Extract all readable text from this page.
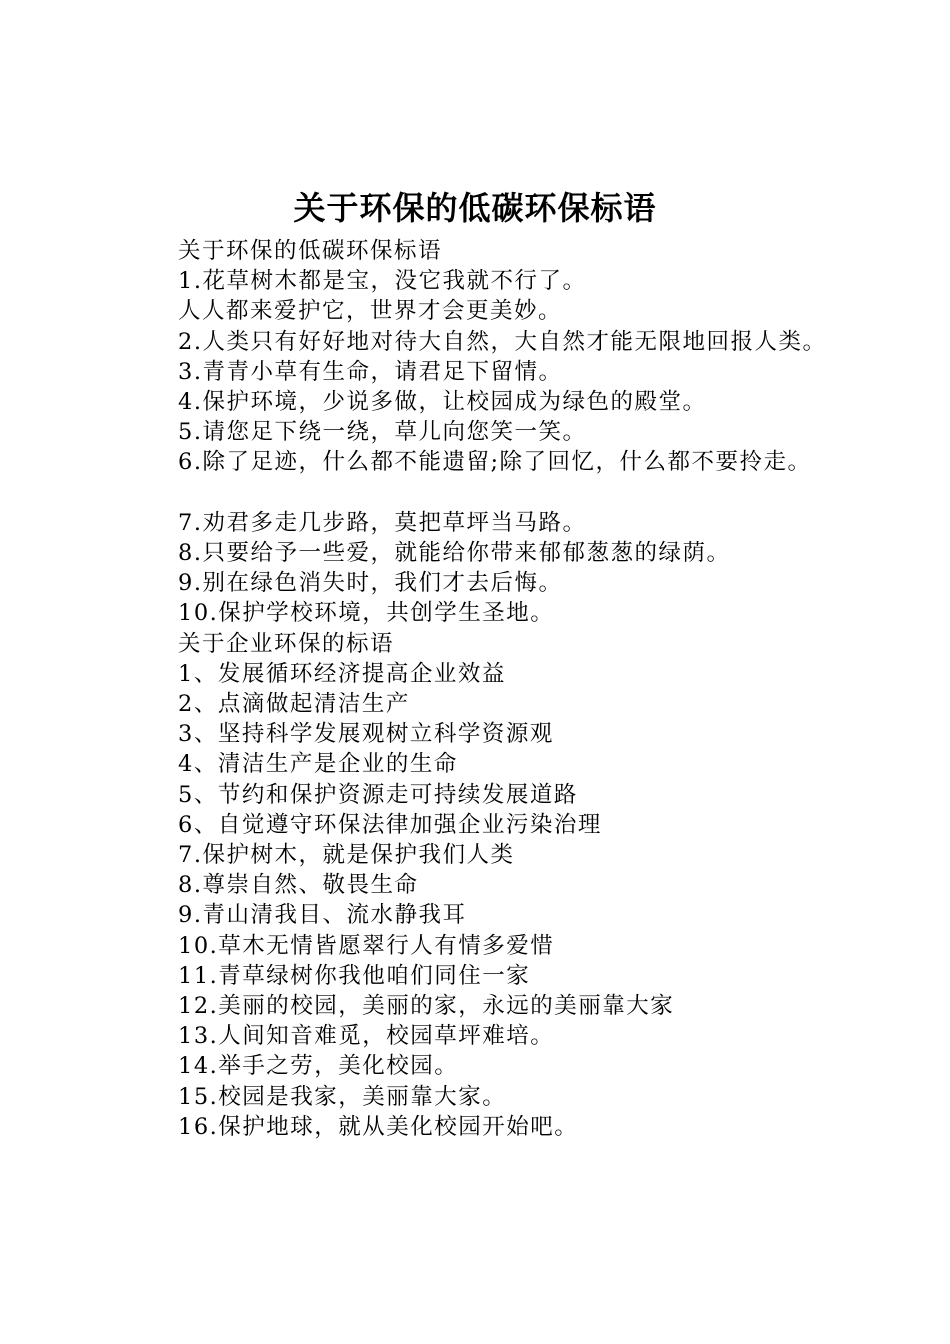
关于环保的低碳环保标语
关于环保的低碳环保标语
1.花草树木都是宝，没它我就不行了。
人人都来爱护它，世界才会更美妙。
2.人类只有好好地对待大自然，大自然才能无限地回报人类。
3.青青小草有生命，请君足下留情。
4.保护环境，少说多做，让校园成为绿色的殿堂。
5.请您足下绕一绕，草儿向您笑一笑。
6.除了足迹，什么都不能遗留;除了回忆，什么都不要拎走。
7.劝君多走几步路，莫把草坪当马路。
8.只要给予一些爱，就能给你带来郁郁葱葱的绿荫。
9.别在绿色消失时，我们才去后悔。
10.保护学校环境，共创学生圣地。
关于企业环保的标语
1、发展循环经济提高企业效益
2、点滴做起清洁生产
3、坚持科学发展观树立科学资源观
4、清洁生产是企业的生命
5、节约和保护资源走可持续发展道路
6、自觉遵守环保法律加强企业污染治理
7.保护树木，就是保护我们人类
8.尊崇自然、敬畏生命
9.青山清我目、流水静我耳
10.草木无情皆愿翠行人有情多爱惜
11.青草绿树你我他咱们同住一家
12.美丽的校园，美丽的家，永远的美丽靠大家
13.人间知音难觅，校园草坪难培。
14.举手之劳，美化校园。
15.校园是我家，美丽靠大家。
16.保护地球，就从美化校园开始吧。
